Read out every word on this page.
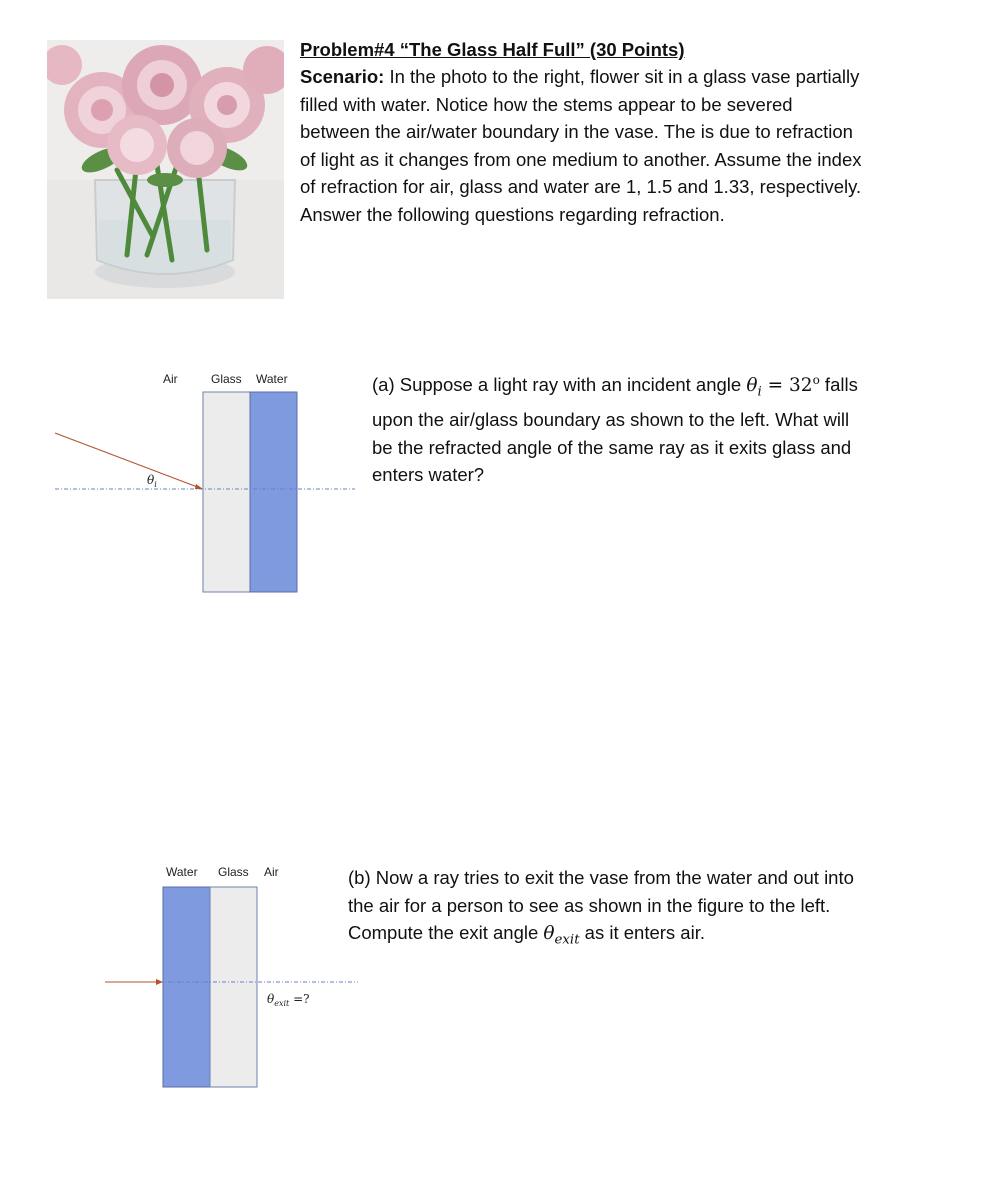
Problem#4 “The Glass Half Full” (30 Points)
Scenario: In the photo to the right, flower sit in a glass vase partially
filled with water. Notice how the stems appear to be severed
between the air/water boundary in the vase. The is due to refraction
of light as it changes from one medium to another. Assume the index
of refraction for air, glass and water are 1, 1.5 and 1.33, respectively.
Answer the following questions regarding refraction.
Air	Glass Water
$\theta_i$
(a) Suppose a light ray with an incident angle $\theta_i = 32^o$ falls
upon the air/glass boundary as shown to the left. What will
be the refracted angle of the same ray as it exits glass and
enters water?
Water Glass Air
$\theta_{exit}$ =?
(b) Now a ray tries to exit the vase from the water and out into
the air for a person to see as shown in the figure to the left.
Compute the exit angle $\theta_{exit}$ as it enters air.
